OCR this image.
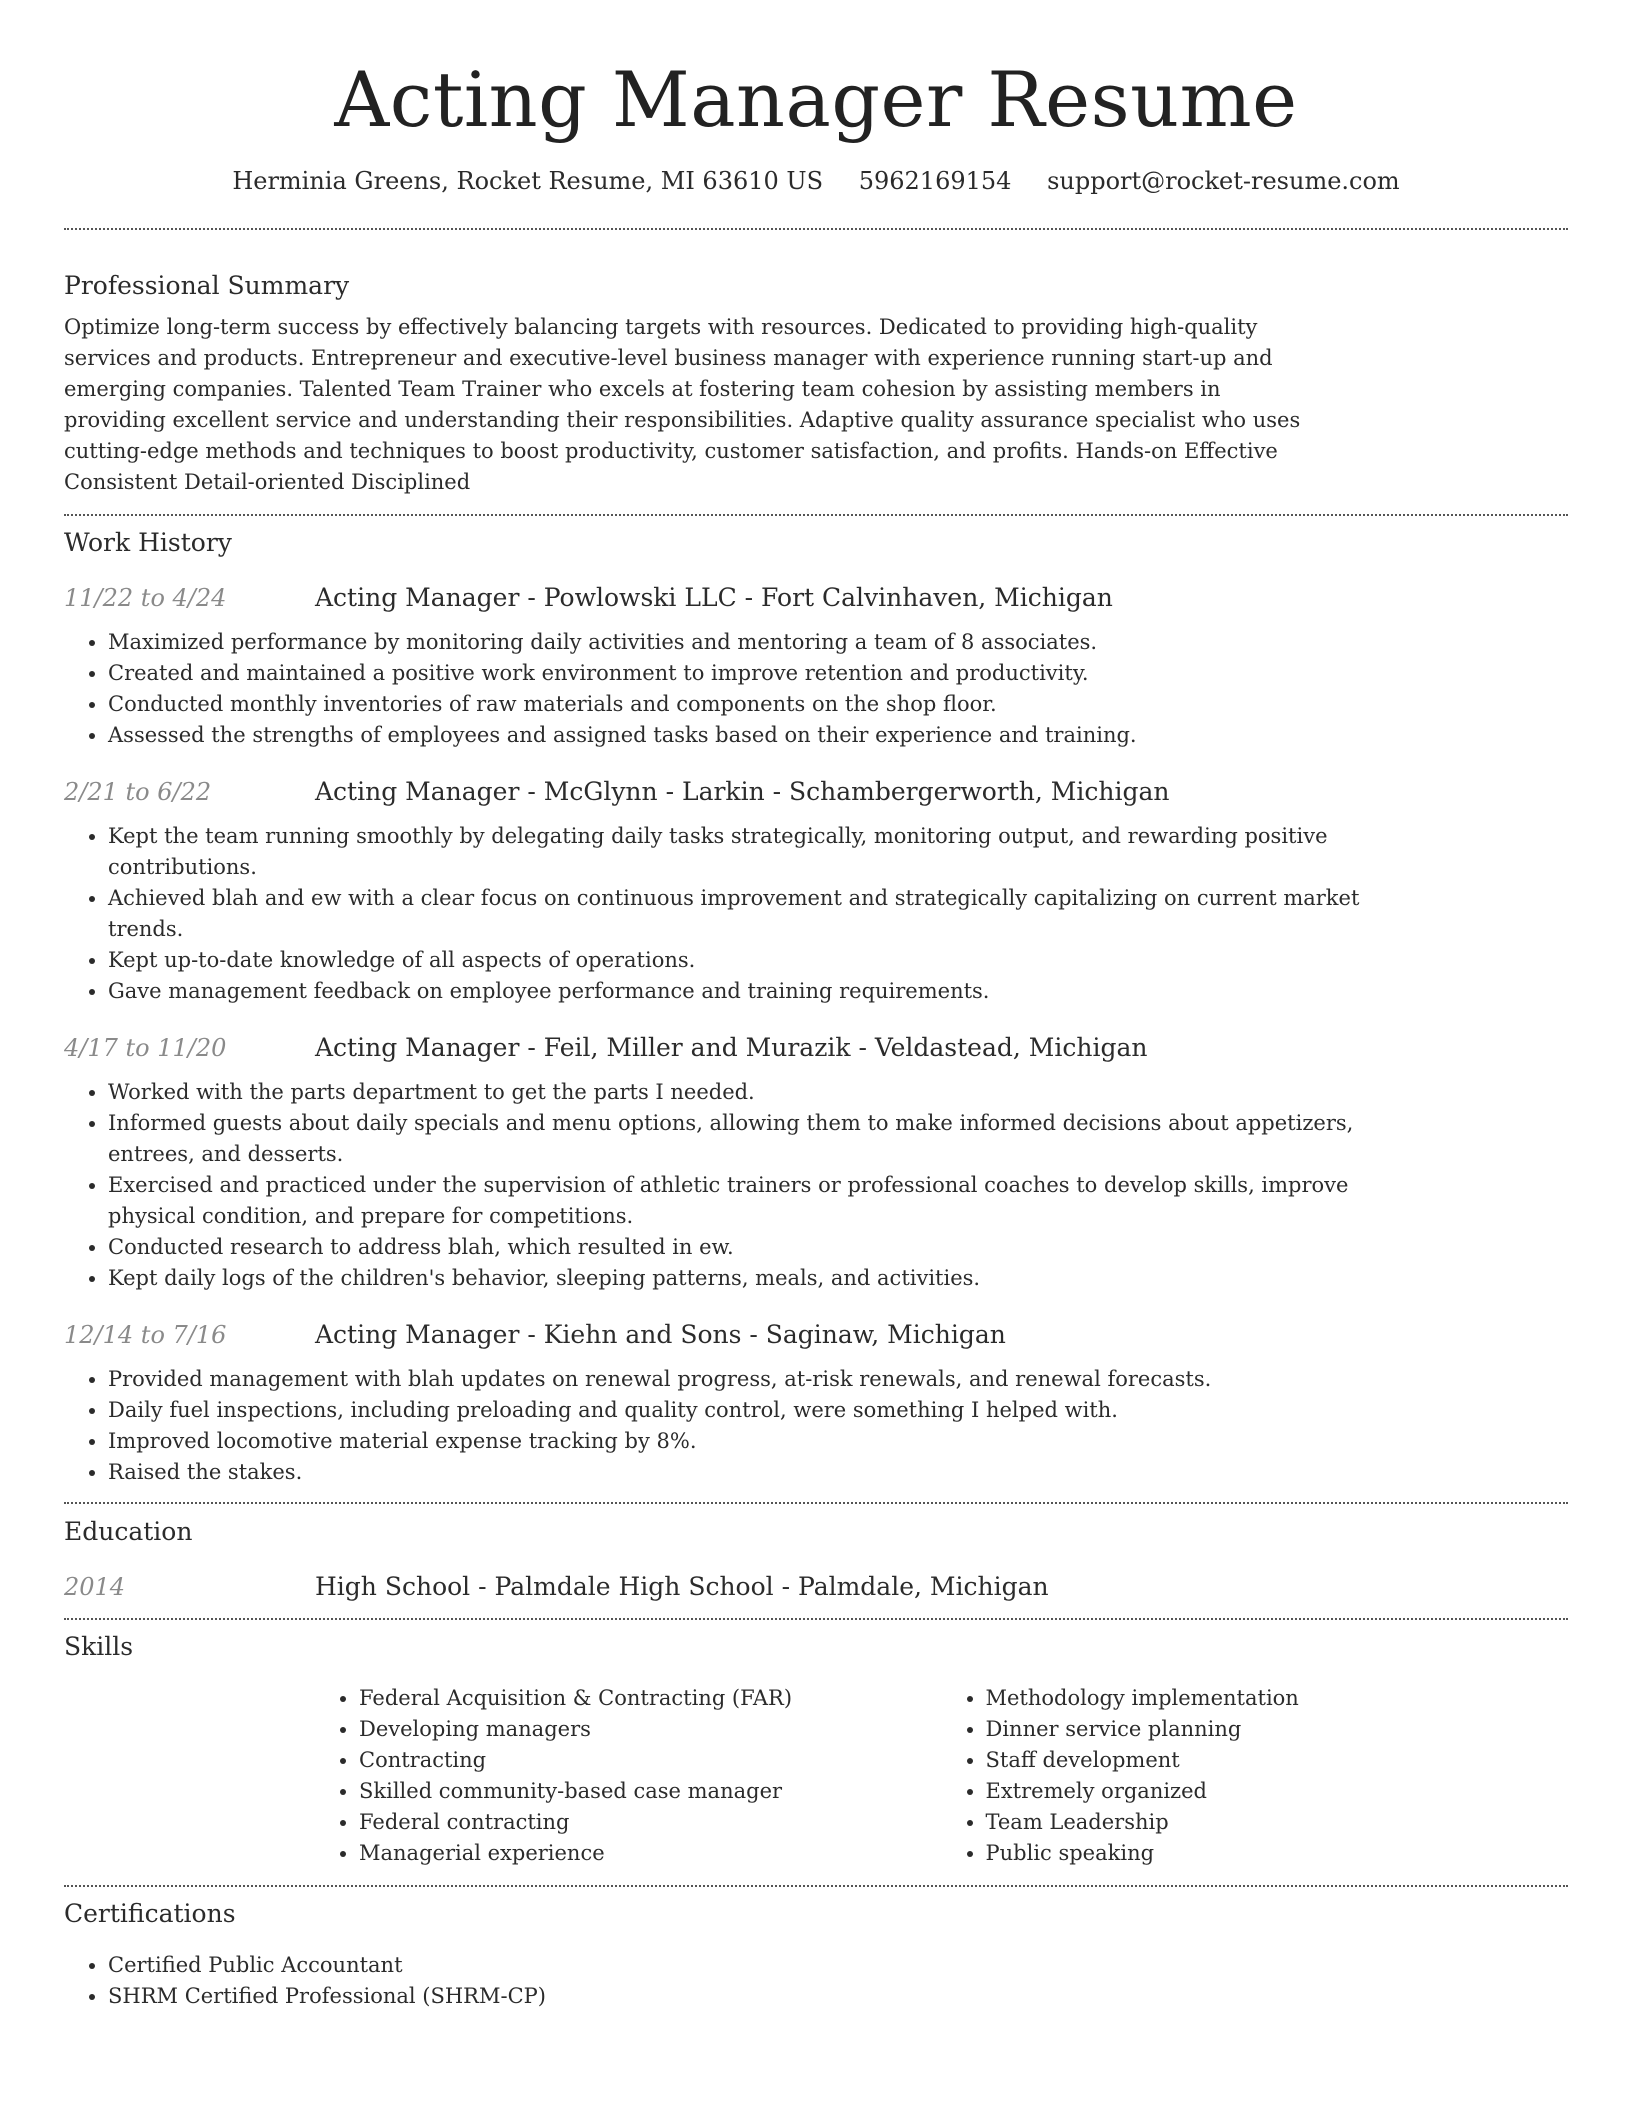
Acting Manager Resume
Herminia Greens, Rocket Resume, MI 63610 US 5962169154 support@rocket-resume.com
Professional Summary

Optimize long-term success by effectively balancing targets with resources. Dedicated to providing high-quality services and products. Entrepreneur and executive-level business manager with experience running start-up and emerging companies. Talented Team Trainer who excels at fostering team cohesion by assisting members in providing excellent service and understanding their responsibilities. Adaptive quality assurance specialist who uses cutting-edge methods and techniques to boost productivity, customer satisfaction, and profits. Hands-on Effective Consistent Detail-oriented Disciplined

Work History
11/22 to 4/24	Acting Manager - Powlowski LLC - Fort Calvinhaven, Michigan
• Maximized performance by monitoring daily activities and mentoring a team of 8 associates.
• Created and maintained a positive work environment to improve retention and productivity.
• Conducted monthly inventories of raw materials and components on the shop floor.
• Assessed the strengths of employees and assigned tasks based on their experience and training.
2/21 to 6/22	Acting Manager - McGlynn - Larkin - Schambergerworth, Michigan
• Kept the team running smoothly by delegating daily tasks strategically, monitoring output, and rewarding positive contributions.
• Achieved blah and ew with a clear focus on continuous improvement and strategically capitalizing on current market trends.
• Kept up-to-date knowledge of all aspects of operations.
• Gave management feedback on employee performance and training requirements.
4/17 to 11/20	Acting Manager - Feil, Miller and Murazik - Veldastead, Michigan
• Worked with the parts department to get the parts I needed.
• Informed guests about daily specials and menu options, allowing them to make informed decisions about appetizers, entrees, and desserts.
• Exercised and practiced under the supervision of athletic trainers or professional coaches to develop skills, improve physical condition, and prepare for competitions.
• Conducted research to address blah, which resulted in ew.
• Kept daily logs of the children's behavior, sleeping patterns, meals, and activities.
12/14 to 7/16	Acting Manager - Kiehn and Sons - Saginaw, Michigan
• Provided management with blah updates on renewal progress, at-risk renewals, and renewal forecasts.
• Daily fuel inspections, including preloading and quality control, were something I helped with.
• Improved locomotive material expense tracking by 8%.
• Raised the stakes.
Education
2014	High School - Palmdale High School - Palmdale, Michigan
Skills
• Federal Acquisition & Contracting (FAR)
• Developing managers
• Contracting
• Skilled community-based case manager
• Federal contracting
• Managerial experience
• Methodology implementation
• Dinner service planning
• Staff development
• Extremely organized
• Team Leadership
• Public speaking
Certifications
• Certified Public Accountant
• SHRM Certified Professional (SHRM-CP)
